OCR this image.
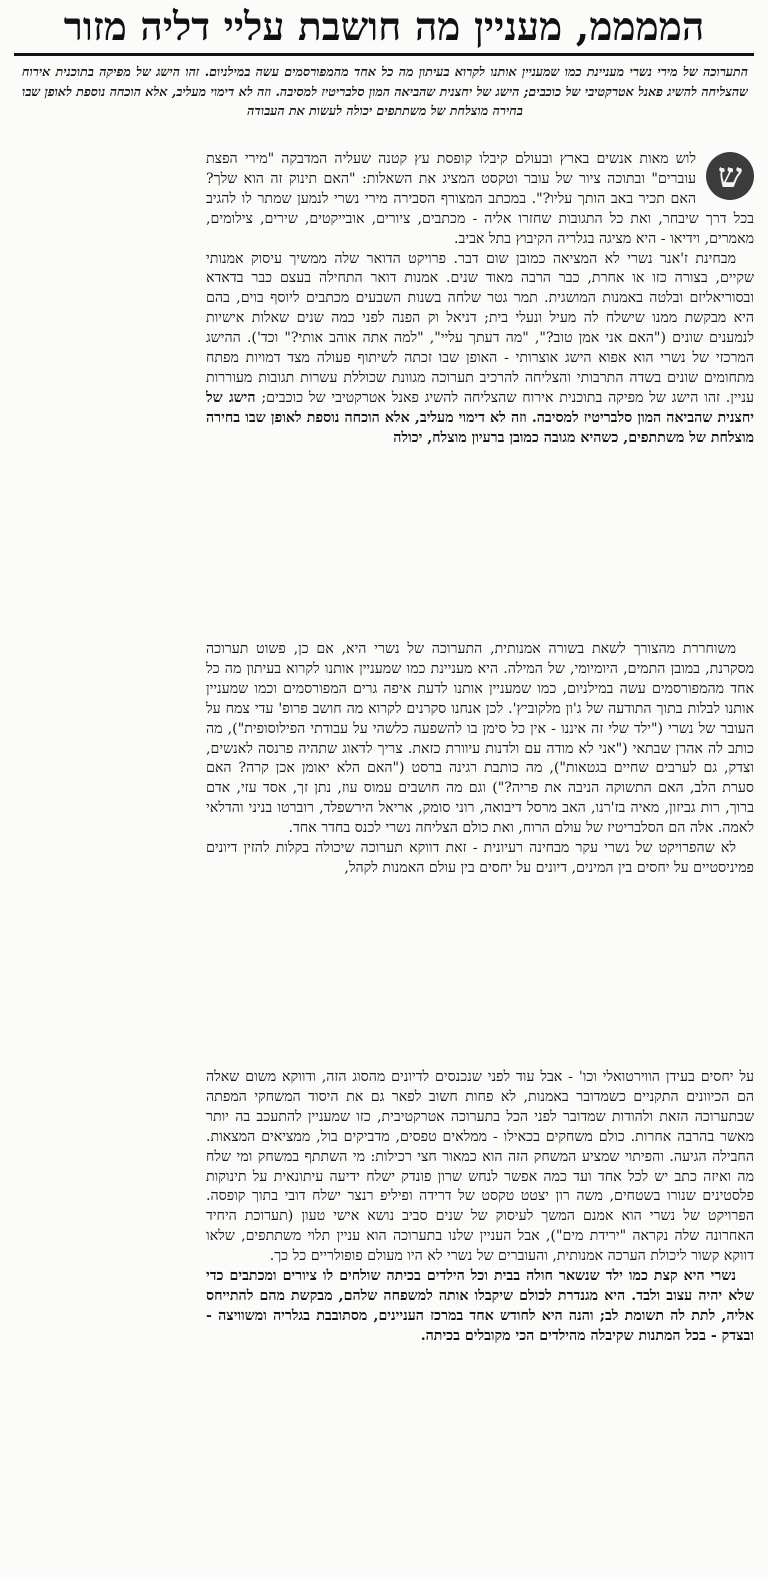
הממממ, מעניין מה חושבת עליי דליה מזור
התערוכה של מירי נשרי מעניינת כמו שמעניין אותנו לקרוא בעיתון מה כל אחד מהמפורסמים עשה במילניום. זהו הישג של מפיקה בתוכנית אירוח שהצליחה להשיג פאנל אטרקטיבי של כוכבים; הישג של יחצנית שהביאה המון סלבריטיז למסיבה. וזה לא דימוי מעליב, אלא הוכחה נוספת לאופן שבו בחירה מוצלחת של משתתפים יכולה לעשות את העבודה

ש
לוש מאות אנשים בארץ ובעולם קיבלו קופסת עץ קטנה שעליה המדבקה "מירי הפצת עוברים" ובתוכה ציור של עובר וטקסט המציג את השאלות: "האם תינוק זה הוא שלך? האם תכיר באב הותך עליו?". במכתב המצורף הסבירה מירי נשרי לנמען שמתר לו להגיב בכל דרך שיבחר, ואת כל התגובות שחזרו אליה - מכתבים, ציורים, אובייקטים, שירים, צילומים, מאמרים, וידיאו - היא מציגה בגלריה הקיבוץ בתל אביב.

מבחינת ז'אנר נשרי לא המציאה כמובן שום דבר. פרויקט הדואר שלה ממשיך עיסוק אמנותי שקיים, בצורה כזו או אחרת, כבר הרבה מאוד שנים. אמנות דואר התחילה בעצם כבר בדאדא ובסוריאליזם ובלטה באמנות המושגית. תמר גטר שלחה בשנות השבעים מכתבים ליוסף בוים, בהם היא מבקשת ממנו שישלח לה מעיל ונעלי בית; דניאל וק הפנה לפני כמה שנים שאלות אישיות לנמענים שונים ("האם אני אמן טוב?", "מה דעתך עליי", "למה אתה אוהב אותי?" וכד'). ההישג המרכזי של נשרי הוא אפוא הישג אוצרותי - האופן שבו זכתה לשיתוף פעולה מצד דמויות מפתח מתחומים שונים בשדה התרבותי והצליחה להרכיב תערוכה מגוונת שכוללת עשרות תגובות מעוררות עניין. זהו הישג של מפיקה בתוכנית אירוח שהצליחה להשיג פאנל אטרקטיבי של כוכבים; הישג של יחצנית שהביאה המון סלבריטיז למסיבה. וזה לא דימוי מעליב, אלא הוכחה נוספת לאופן שבו בחירה מוצלחת של משתתפים, כשהיא מגובה כמובן ברעיון מוצלח, יכולה

משוחררת מהצורך לשאת בשורה אמנותית, התערוכה של נשרי היא, אם כן, פשוט תערוכה מסקרנת, במובן התמים, היומיומי, של המילה. היא מעניינת כמו שמעניין אותנו לקרוא בעיתון מה כל אחד מהמפורסמים עשה במילניום, כמו שמעניין אותנו לדעת איפה גרים המפורסמים וכמו שמעניין אותנו לבלות בתוך התודעה של ג'ון מלקוביץ'. לכן אנחנו סקרנים לקרוא מה חושב פרופ' עדי צמח על העובר של נשרי ("ילד שלי זה איננו - אין כל סימן בו להשפעה כלשהי על עבודתי הפילוסופית"), מה כותב לה אהרן שבתאי ("אני לא מודה עם ולדנות עיוורת כזאת. צריך לדאוג שתהיה פרנסה לאנשים, וצדק, גם לערבים שחיים בגטאות"), מה כותבת רגינה ברסט ("האם הלא יאומן אכן קרה? האם סערת הלב, האם התשוקה הניבה את פריה?") וגם מה חושבים עמוס עוז, נתן זך, אסד עזי, אדם ברוך, רות גביזון, מאיה בז'רנו, האב מרסל דיבואה, רוני סומק, אריאל הירשפלד, רוברטו בניני והדלאי לאמה. אלה הם הסלבריטיז של עולם הרוח, ואת כולם הצליחה נשרי לכנס בחדר אחד.

לא שהפרויקט של נשרי עקר מבחינה רעיונית - זאת דווקא תערוכה שיכולה בקלות להזין דיונים פמיניסטיים על יחסים בין המינים, דיונים על יחסים בין עולם האמנות לקהל,

על יחסים בעידן הווירטואלי וכו' - אבל עוד לפני שנכנסים לדיונים מהסוג הזה, ודווקא משום שאלה הם הכיוונים התקניים כשמדובר באמנות, לא פחות חשוב לפאר גם את היסוד המשחקי המפתה שבתערוכה הזאת ולהודות שמדובר לפני הכל בתערוכה אטרקטיבית, כזו שמעניין להתעכב בה יותר מאשר בהרבה אחרות. כולם משחקים בכאילו - ממלאים טפסים, מדביקים בול, ממציאים המצאות. החבילה הגיעה. והפיתוי שמציע המשחק הזה הוא כמאור חצי רכילות: מי השתתף במשחק ומי שלח מה ואיזה כתב יש לכל אחד ועד כמה אפשר לנחש שרון פונדק ישלח ידיעה עיתונאית על תינוקות פלסטינים שנורו בשטחים, משה רון יצטט טקסט של דרידה ופיליפ רנצר ישלח דובי בתוך קופסה. הפרויקט של נשרי הוא אמנם המשך לעיסוק של שנים סביב נושא אישי טעון (תערוכת היחיד האחרונה שלה נקראה "ירידת מים"), אבל העניין שלנו בתערוכה הוא עניין תלוי משתתפים, שלאו דווקא קשור ליכולת הערכה אמנותית, והעוברים של נשרי לא היו מעולם פופולריים כל כך.

נשרי היא קצת כמו ילד שנשאר חולה בבית וכל הילדים בכיתה שולחים לו ציורים ומכתבים כדי שלא יהיה עצוב ולבד. היא מגנדרת לכולם שיקבלו אותה למשפחה שלהם, מבקשת מהם להתייחס אליה, לתת לה תשומת לב; והנה היא לחודש אחד במרכז העניינים, מסתובבת בגלריה ומשוויצה - ובצדק - בכל המתנות שקיבלה מהילדים הכי מקובלים בכיתה.
